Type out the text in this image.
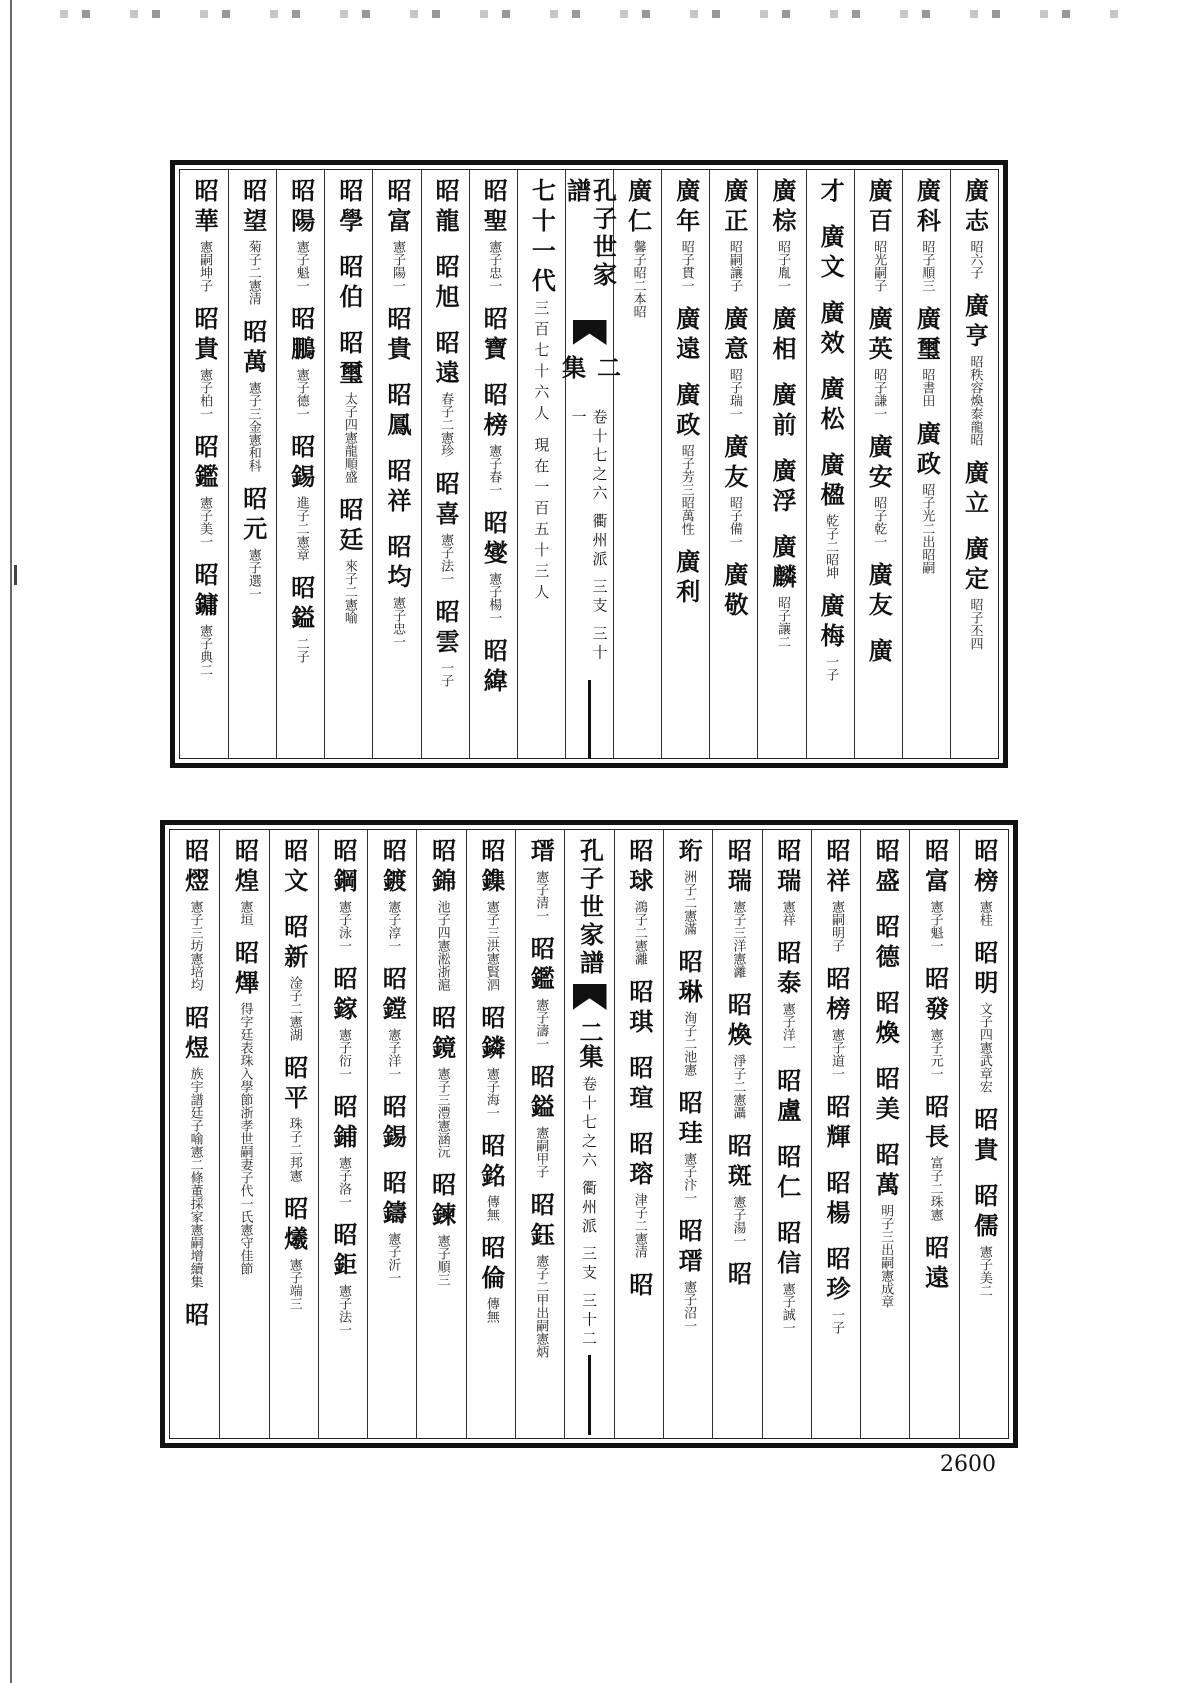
廣志
昭六子
廣亨
昭秩容煥泰龍昭
廣立
廣定
昭子丕四
廣科
昭子順三
廣璽
昭書田
廣政
昭子光二出昭嗣
廣百
昭光嗣子
廣英
昭子謙一
廣安
昭子乾一
廣友
廣
才
廣文
廣效
廣松
廣楹
乾子二昭坤
廣梅
一子
廣棕
昭子胤一
廣相
廣前
廣浮
廣麟
昭子讓二
廣正
昭嗣讓子
廣意
昭子瑞一
廣友
昭子備一
廣敬
廣年
昭子貫一
廣遠
廣政
昭子芳三昭萬性
廣利
廣仁
馨子昭二本昭
孔子世家譜
二集
卷十七之六 衢州派 三支 三十一
七十一代
三百七十六人 現在一百五十三人
昭聖
憲子忠一
昭寶
昭榜
憲子春一
昭燮
憲子楊一
昭緯
昭龍
昭旭
昭遠
春子二憲珍
昭喜
憲子法一
昭雲
一子
昭富
憲子陽一
昭貴
昭鳳
昭祥
昭均
憲子忠一
昭學
昭伯
昭璽
太子四憲龍順盛
昭廷
來子二憲喻
昭陽
憲子魁一
昭鵬
憲子德一
昭錫
進子二憲章
昭鎰
二子
昭望
菊子二憲清
昭萬
憲子三金憲和科
昭元
憲子選一
昭華
憲嗣坤子
昭貴
憲子柏一
昭鑑
憲子美一
昭鏞
憲子典二
昭榜
憲桂
昭明
文子四憲武章宏
昭貴
昭儒
憲子美二
昭富
憲子魁一
昭發
憲子元一
昭長
富子二珠憲
昭遠
昭盛
昭德
昭煥
昭美
昭萬
明子三出嗣憲成章
昭祥
憲嗣明子
昭榜
憲子道一
昭輝
昭楊
昭珍
一子
昭瑞
憲祥
昭泰
憲子洋一
昭盧
昭仁
昭信
憲子誠一
昭瑞
憲子三洋憲灕
昭煥
淨子二憲灄
昭斑
憲子湯一
昭
珩
洲子二憲滿
昭琳
洵子二池憲
昭珪
憲子汴一
昭瑨
憲子沼一
昭球
鴻子二憲灕
昭琪
昭瑄
昭瑢
津子二憲清
昭
孔子世家譜
二集
卷十七之六 衢州派 三支 三十二
瑨
憲子清一
昭鑑
憲子濤一
昭鎰
憲嗣甲子
昭鈺
憲子二甲出嗣憲炳
昭鏶
憲子三洪憲賢泗
昭鏻
憲子海一
昭銘
傳無
昭倫
傳無
昭錦
池子四憲淞浙滬
昭鏡
憲子三澧憲涵沅
昭鍊
憲子順三
昭鍍
憲子淳一
昭鏜
憲子洋一
昭錫
昭鑄
憲子沂一
昭鋼
憲子泳一
昭鎵
憲子衍一
昭鋪
憲子洛一
昭鉅
憲子法一
昭文
昭新
淦子二憲湖
昭平
珠子二邦憲
昭爔
憲子端三
昭煌
憲垣
昭熚
得字廷表珠入學節浙孝世嗣妻子代一氏憲守佳節
昭熤
憲子三坊憲培均
昭煜
族宇譜廷子喻憲二條董採家憲嗣增續集
昭
2600
